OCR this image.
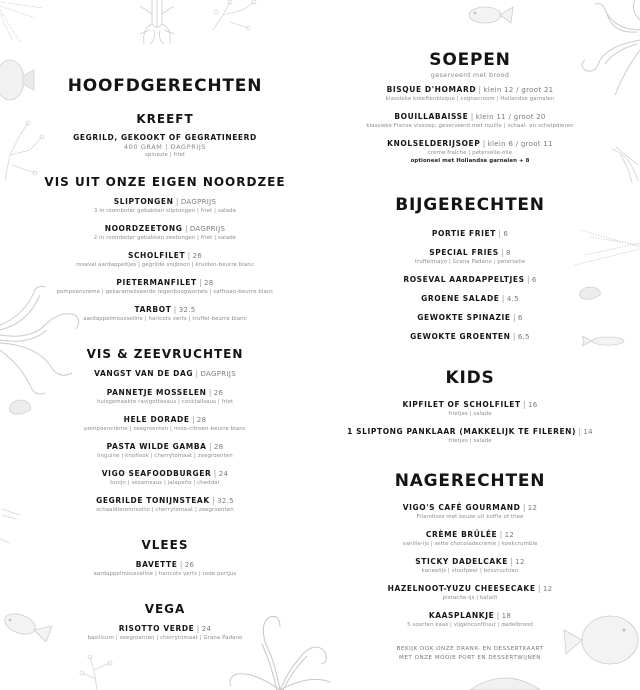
HOOFDGERECHTEN
KREEFT
GEGRILD, GEKOOKT OF GEGRATINEERD
400 GRAM | DAGPRIJS
spinazie | friet
VIS UIT ONZE EIGEN NOORDZEE
SLIPTONGEN | DAGPRIJS
3 in roomboter gebakken sliptongen | friet | salade
NOORDZEETONG | DAGPRIJS
2 in roomboter gebakken zeetongen | friet | salade
SCHOLFILET | 26
roseval aardappeltjes | gegrilde snijboon | kruiden-beurre blanc
PIETERMANFILET | 28
pompoencrème | gekarameliseerde regenboogwortels | saffraan-beurre blanc
TARBOT | 32.5
aardappelmousseline | haricots verts | truffel-beurre blanc
VIS & ZEEVRUCHTEN
VANGST VAN DE DAG | DAGPRIJS
PANNETJE MOSSELEN | 26
huisgemaakte ravigottesaus | cocktailsaus | friet
HELE DORADE | 28
pompoencrème | zeegroenten | miso-citroen-beurre blanc
PASTA WILDE GAMBA | 28
linguine | knoflook | cherrytomaat | zeegroenten
VIGO SEAFOODBURGER | 24
tonijn | sesamsaus | jalapeño | cheddar
GEGRILDE TONIJNSTEAK | 32.5
schaaldierenrisotto | cherrytomaat | zeegroenten
VLEES
BAVETTE | 26
aardappelmousseline | haricots verts | rode portjus
VEGA
RISOTTO VERDE | 24
basilicum | zeegroenten | cherrytomaat | Grana Padano
SOEPEN
geserveerd met brood
BISQUE D'HOMARD | klein 12 / groot 21
klassieke kreeftenbisque | cognacroom | Hollandse garnalen
BOUILLABAISSE | klein 11 / groot 20
klassieke Franse vissoep, geserveerd met rouille | schaal- en schelpdieren
KNOLSELDERIJSOEP | klein 6 / groot 11
crème fraîche | peterselie-olie
optioneel met Hollandse garnalen + 8
BIJGERECHTEN
PORTIE FRIET | 6
SPECIAL FRIES | 8
truffelmayo | Grana Padano | peterselie
ROSEVAL AARDAPPELTJES | 6
GROENE SALADE | 4.5
GEWOKTE SPINAZIE | 6
GEWOKTE GROENTEN | 6.5
KIDS
KIPFILET OF SCHOLFILET | 16
frietjes | salade
1 SLIPTONG PANKLAAR (MAKKELIJK TE FILEREN) | 14
frietjes | salade
NAGERECHTEN
VIGO'S CAFÉ GOURMAND | 12
Friandises met keuze uit koffie of thee
CRÈME BRÛLÉE | 12
vanille-ijs | witte chocoladecrème | koekcrumble
STICKY DADELCAKE | 12
kaneelijs | stoofpeer | bosvruchten
HAZELNOOT-YUZU CHEESECAKE | 12
pistache-ijs | kataifi
KAASPLANKJE | 18
5 soorten kaas | vijgenconfituur | dadelbrood
BEKIJK OOK ONZE DRANK- EN DESSERTKAART
MET ONZE MOOIE PORT EN DESSERTWIJNEN
